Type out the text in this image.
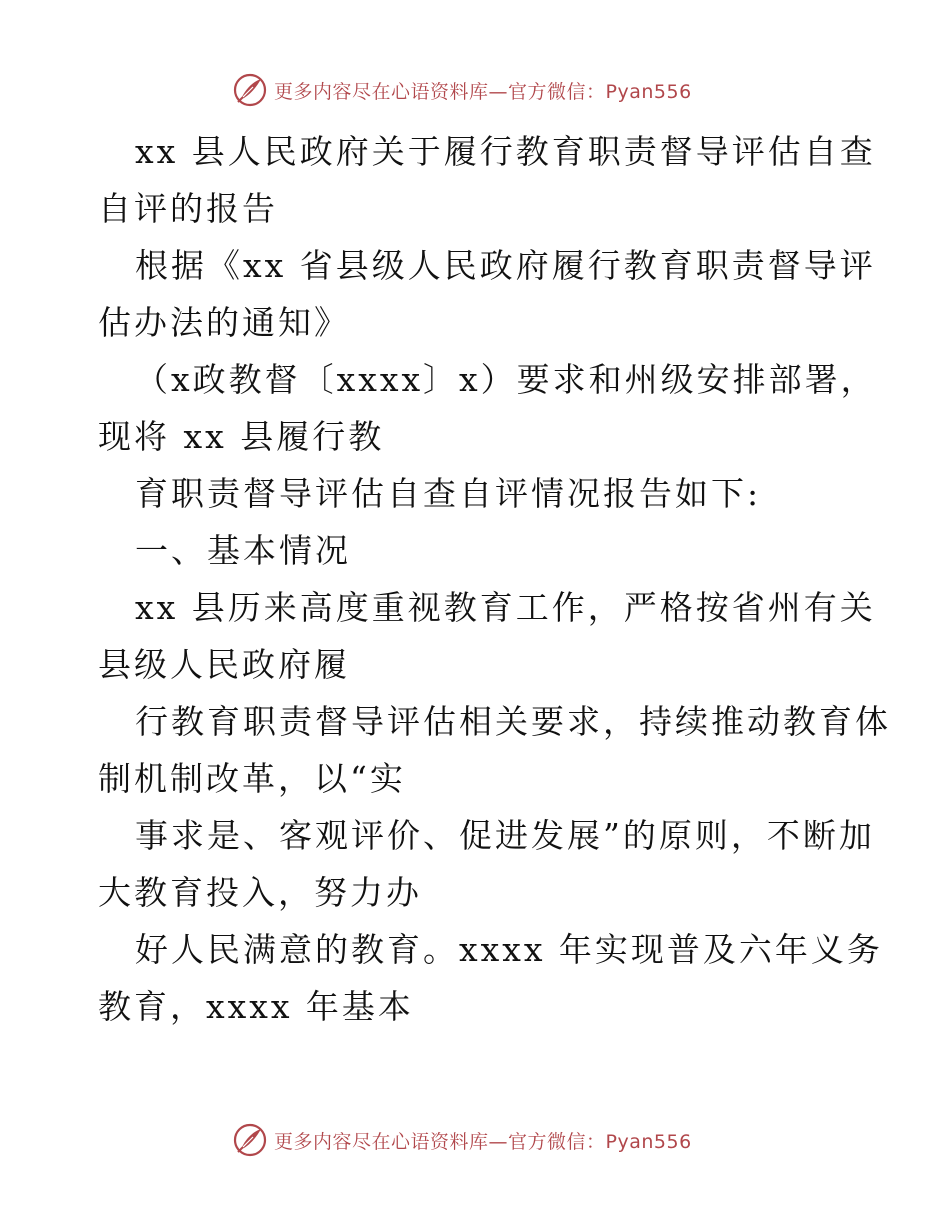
更多内容尽在心语资料库—官方微信：Pyan556
xx 县人民政府关于履行教育职责督导评估自查
自评的报告
根据《xx 省县级人民政府履行教育职责督导评
估办法的通知》
（x政教督〔xxxx〕x）要求和州级安排部署，
现将 xx 县履行教
育职责督导评估自查自评情况报告如下:
一、基本情况
xx 县历来高度重视教育工作，严格按省州有关
县级人民政府履
行教育职责督导评估相关要求，持续推动教育体
制机制改革，以“实
事求是、客观评价、促进发展”的原则，不断加
大教育投入，努力办
好人民满意的教育。xxxx 年实现普及六年义务
教育，xxxx 年基本
更多内容尽在心语资料库—官方微信：Pyan556
